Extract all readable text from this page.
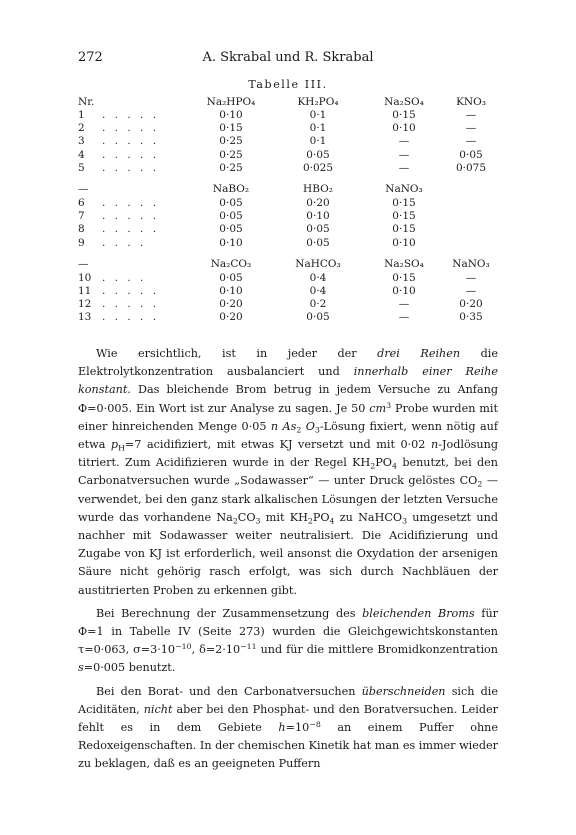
272	A. Skrabal und R. Skrabal
Tabelle III.
Nr.	Na₂HPO₄	KH₂PO₄	Na₂SO₄	KNO₃
1 . . . . .	0·10	0·1	0·15	—
2 . . . . .	0·15	0·1	0·10	—
3 . . . . .	0·25	0·1	—	—
4 . . . . .	0·25	0·05	—	0·05
5 . . . . .	0·25	0·025	—	0·075
—	NaBO₂	HBO₂	NaNO₃	
6 . . . . .	0·05	0·20	0·15	
7 . . . . .	0·05	0·10	0·15	
8 . . . . .	0·05	0·05	0·15	
9 . . . .	0·10	0·05	0·10	
—	Na₂CO₃	NaHCO₃	Na₂SO₄	NaNO₃
10 . . . .	0·05	0·4	0·15	—
11 . . . . .	0·10	0·4	0·10	—
12 . . . . .	0·20	0·2	—	0·20
13 . . . . .	0·20	0·05	—	0·35

Wie ersichtlich, ist in jeder der drei Reihen die Elektrolytkonzentration ausbalanciert und innerhalb einer Reihe konstant. Das bleichende Brom betrug in jedem Versuche zu Anfang Φ=0·005. Ein Wort ist zur Analyse zu sagen. Je 50 $cm^3$ Probe wurden mit einer hinreichenden Menge 0·05 n $As_2$ $O_3$-Lösung fixiert, wenn nötig auf etwa $p_H=7$ acidifiziert, mit etwas KJ versetzt und mit 0·02 n-Jodlösung titriert. Zum Acidifizieren wurde in der Regel $KH_2PO_4$ benutzt, bei den Carbonatversuchen wurde „Sodawasser“ — unter Druck gelöstes $CO_2$ — verwendet, bei den ganz stark alkalischen Lösungen der letzten Versuche wurde das vorhandene $Na_2CO_3$ mit $KH_2PO_4$ zu NaHCO$_3$ umgesetzt und nachher mit Sodawasser weiter neutralisiert. Die Acidifizierung und Zugabe von KJ ist erforderlich, weil ansonst die Oxydation der arsenigen Säure nicht gehörig rasch erfolgt, was sich durch Nachbläuen der austitrierten Proben zu erkennen gibt.

Bei Berechnung der Zusammensetzung des bleichenden Broms für Φ=1 in Tabelle IV (Seite 273) wurden die Gleichgewichtskonstanten τ=0·063, $\sigma=3\cdot 10^{-10}$, $\delta=2\cdot 10^{-11}$ und für die mittlere Bromidkonzentration s=0·005 benutzt.

Bei den Borat- und den Carbonatversuchen überschneiden sich die Aciditäten, nicht aber bei den Phosphat- und den Boratversuchen. Leider fehlt es in dem Gebiete $h=10^{-8}$ an einem Puffer ohne Redoxeigenschaften. In der chemischen Kinetik hat man es immer wieder zu beklagen, daß es an geeigneten Puffern
